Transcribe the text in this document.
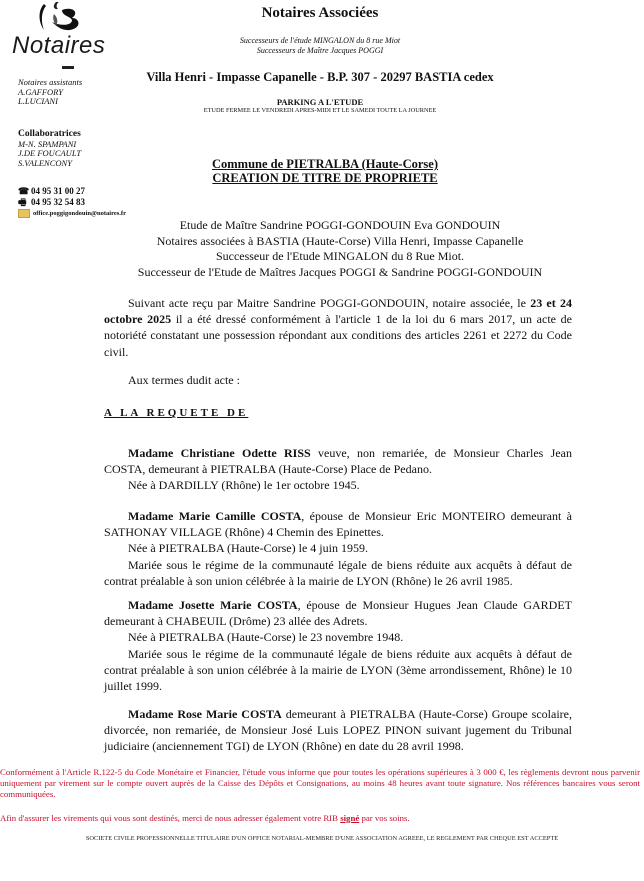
Notaires
Notaires Associées
Successeurs de l'étude MINGALON du 8 rue Miot
Successeurs de Maître Jacques POGGI
Villa Henri - Impasse Capanelle - B.P. 307 - 20297 BASTIA cedex
PARKING A L'ETUDE
ETUDE FERMEE LE VENDREDI APRES-MIDI ET LE SAMEDI TOUTE LA JOURNEE
Notaires assistants
A.GAFFORY
L.LUCIANI
Collaboratrices
M-N. SPAMPANI
J.DE FOUCAULT
S.VALENCONY
☎ 04 95 31 00 27
🖷 04 95 32 54 83
office.poggigondouin@notaires.fr
Commune de PIETRALBA (Haute-Corse)
CREATION DE TITRE DE PROPRIETE
Etude de Maître Sandrine POGGI-GONDOUIN Eva GONDOUIN
Notaires associées à BASTIA (Haute-Corse) Villa Henri, Impasse Capanelle
Successeur de l'Etude MINGALON du 8 Rue Miot.
Successeur de l'Etude de Maîtres Jacques POGGI & Sandrine POGGI-GONDOUIN

Suivant acte reçu par Maitre Sandrine POGGI-GONDOUIN, notaire associée, le 23 et 24 octobre 2025 il a été dressé conformément à l'article 1 de la loi du 6 mars 2017, un acte de notoriété constatant une possession répondant aux conditions des articles 2261 et 2272 du Code civil.

Aux termes dudit acte :

A LA REQUETE DE

Madame Christiane Odette RISS veuve, non remariée, de Monsieur Charles Jean COSTA, demeurant à PIETRALBA (Haute-Corse) Place de Pedano.

Née à DARDILLY (Rhône) le 1er octobre 1945.

Madame Marie Camille COSTA, épouse de Monsieur Eric MONTEIRO demeurant à SATHONAY VILLAGE (Rhône) 4 Chemin des Epinettes.

Née à PIETRALBA (Haute-Corse) le 4 juin 1959.

Mariée sous le régime de la communauté légale de biens réduite aux acquêts à défaut de contrat préalable à son union célébrée à la mairie de LYON (Rhône) le 26 avril 1985.

Madame Josette Marie COSTA, épouse de Monsieur Hugues Jean Claude GARDET demeurant à CHABEUIL (Drôme) 23 allée des Adrets.

Née à PIETRALBA (Haute-Corse) le 23 novembre 1948.

Mariée sous le régime de la communauté légale de biens réduite aux acquêts à défaut de contrat préalable à son union célébrée à la mairie de LYON (3ème arrondissement, Rhône) le 10 juillet 1999.

Madame Rose Marie COSTA demeurant à PIETRALBA (Haute-Corse) Groupe scolaire, divorcée, non remariée, de Monsieur José Luis LOPEZ PINON suivant jugement du Tribunal judiciaire (anciennement TGI) de LYON (Rhône) en date du 28 avril 1998.

Conformément à l'Article R.122-5 du Code Monétaire et Financier, l'étude vous informe que pour toutes les opérations supérieures à 3 000 €, les règlements devront nous parvenir uniquement par virement sur le compte ouvert auprès de la Caisse des Dépôts et Consignations, au moins 48 heures avant toute signature. Nos références bancaires vous seront communiquées.
Afin d'assurer les virements qui vous sont destinés, merci de nous adresser également votre RIB signé par vos soins.
SOCIETE CIVILE PROFESSIONNELLE TITULAIRE D'UN OFFICE NOTARIAL-MEMBRE D'UNE ASSOCIATION AGREEE, LE REGLEMENT PAR CHEQUE EST ACCEPTE
